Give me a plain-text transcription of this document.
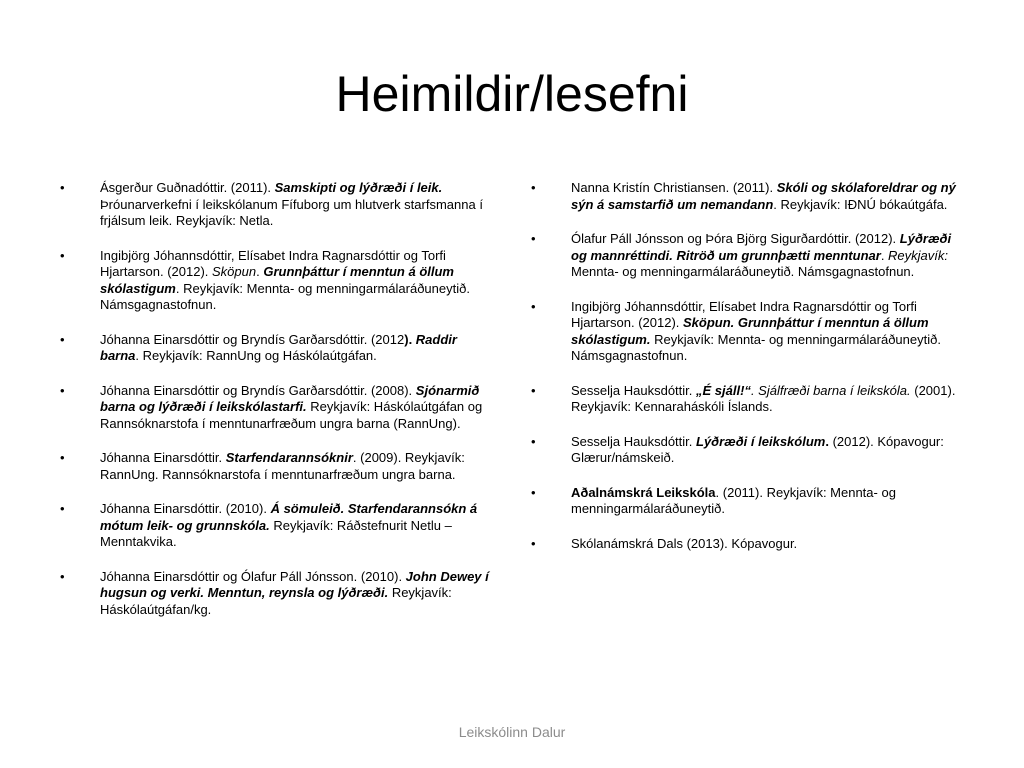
Heimildir/lesefni
•	Ásgerður Guðnadóttir. (2011). Samskipti og lýðræði í leik. Þróunarverkefni í leikskólanum Fífuborg um hlutverk starfsmanna í frjálsum leik. Reykjavík: Netla.
•	Ingibjörg Jóhannsdóttir, Elísabet Indra Ragnarsdóttir og Torfi Hjartarson. (2012). Sköpun. Grunnþáttur í menntun á öllum skólastigum. Reykjavík: Mennta- og menningarmálaráðuneytið. Námsgagnastofnun.
•	Jóhanna Einarsdóttir og Bryndís Garðarsdóttir. (2012). Raddir barna. Reykjavík: RannUng og Háskólaútgáfan.
•	Jóhanna Einarsdóttir og Bryndís Garðarsdóttir. (2008). Sjónarmið barna og lýðræði í leikskólastarfi. Reykjavík: Háskólaútgáfan og Rannsóknarstofa í menntunarfræðum ungra barna (RannUng).
•	Jóhanna Einarsdóttir. Starfendarannsóknir. (2009). Reykjavík: RannUng. Rannsóknarstofa í menntunarfræðum ungra barna.
•	Jóhanna Einarsdóttir. (2010). Á sömuleið. Starfendarannsókn á mótum leik- og grunnskóla. Reykjavík: Ráðstefnurit Netlu – Menntakvika.
•	Jóhanna Einarsdóttir og Ólafur Páll Jónsson. (2010). John Dewey í hugsun og verki. Menntun, reynsla og lýðræði. Reykjavík: Háskólaútgáfan/kg.
•	Nanna Kristín Christiansen. (2011). Skóli og skólaforeldrar og ný sýn á samstarfið um nemandann. Reykjavík: IÐNÚ bókaútgáfa.
•	Ólafur Páll Jónsson og Þóra Björg Sigurðardóttir. (2012). Lýðræði og mannréttindi. Ritröð um grunnþætti menntunar. Reykjavík: Mennta- og menningarmálaráðuneytið. Námsgagnastofnun.
•	Ingibjörg Jóhannsdóttir, Elísabet Indra Ragnarsdóttir og Torfi Hjartarson. (2012). Sköpun. Grunnþáttur í menntun á öllum skólastigum. Reykjavík: Mennta- og menningarmálaráðuneytið. Námsgagnastofnun.
•	Sesselja Hauksdóttir. „É sjáll!“. Sjálfræði barna í leikskóla. (2001). Reykjavík: Kennaraháskóli Íslands.
•	Sesselja Hauksdóttir. Lýðræði í leikskólum. (2012). Kópavogur: Glærur/námskeið.
•	Aðalnámskrá Leikskóla. (2011). Reykjavík: Mennta- og menningarmálaráðuneytið.
•	Skólanámskrá Dals (2013). Kópavogur.
Leikskólinn Dalur
